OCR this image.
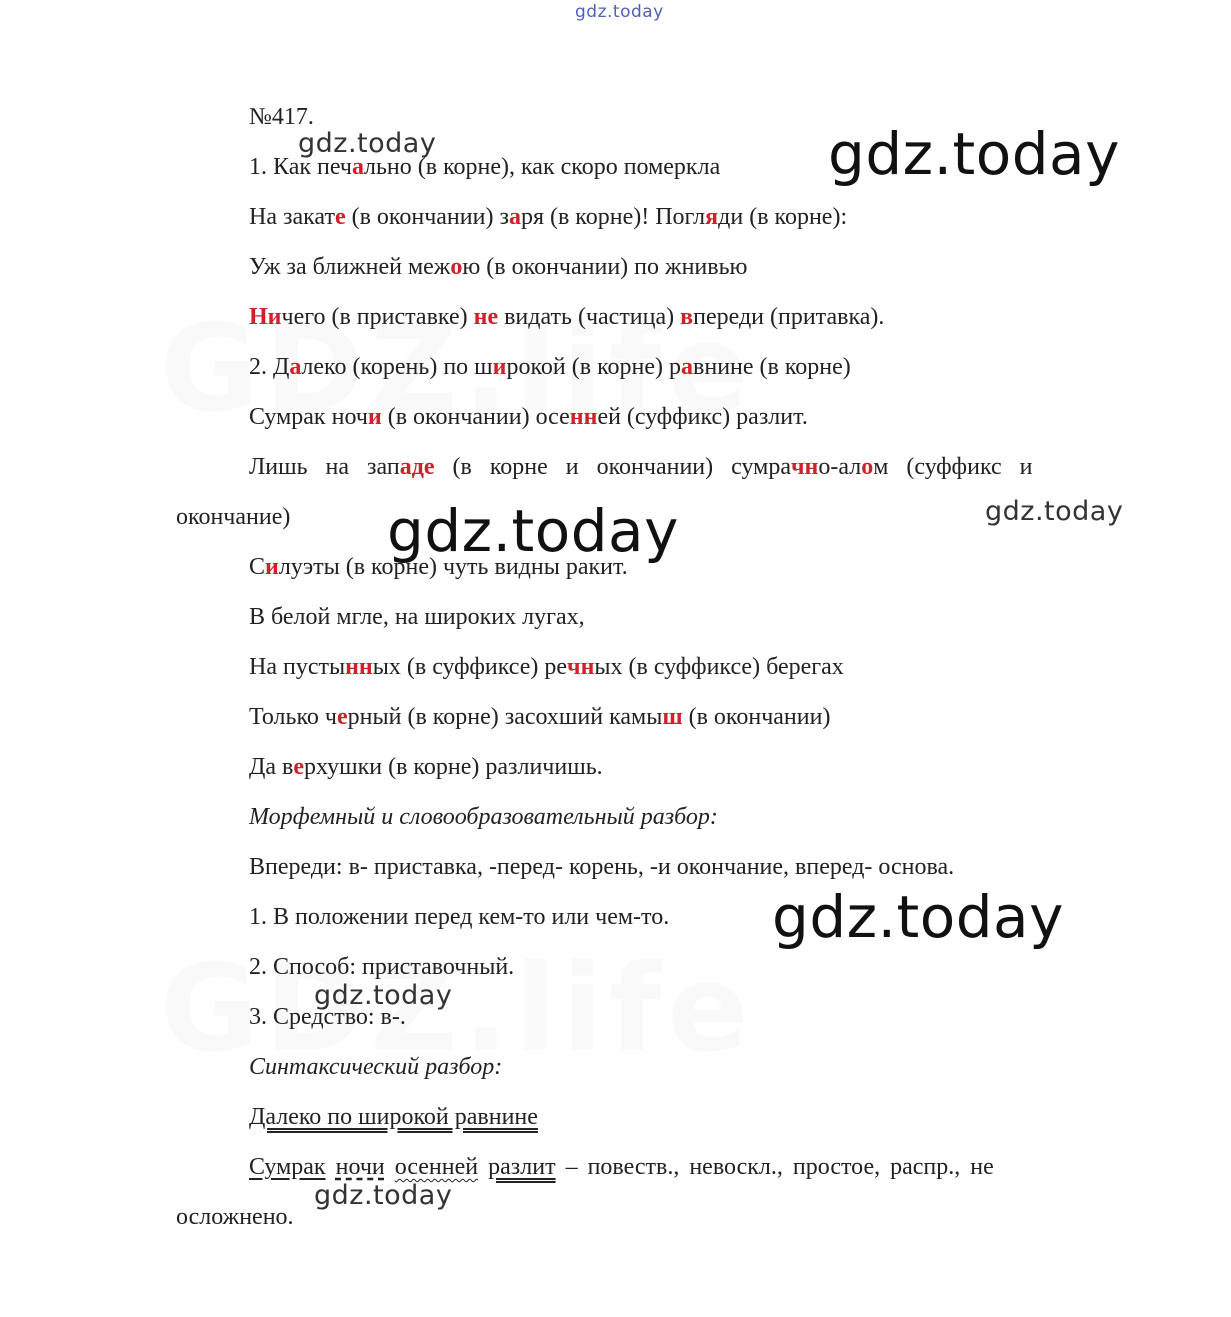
gdz.today
№417.
1. Как печально (в корне), как скоро померкла
На закате (в окончании) заря (в корне)! Погляди (в корне):
Уж за ближней межою (в окончании) по жнивью
Ничего (в приставке) не видать (частица) впереди (притавка).
2. Далеко (корень) по широкой (в корне) равнине (в корне)
Сумрак ночи (в окончании) осенней (суффикс) разлит.
Лишь на западе (в корне и окончании) сумрачно-алом (суффикс и
окончание)
Силуэты (в корне) чуть видны ракит.
В белой мгле, на широких лугах,
На пустынных (в суффиксе) речных (в суффиксе) берегах
Только черный (в корне) засохший камыш (в окончании)
Да верхушки (в корне) различишь.
Морфемный и словообразовательный разбор:
Впереди: в- приставка, -перед- корень, -и окончание, вперед- основа.
1. В положении перед кем-то или чем-то.
2. Способ: приставочный.
3. Средство: в-.
Синтаксический разбор:
Далеко по широкой равнине
Сумрак ночи осенней разлит – повеств., невоскл., простое, распр., не
осложнено.
gdz.today	gdz.today
gdz.today	gdz.today
gdz.today
gdz.today
gdz.today
